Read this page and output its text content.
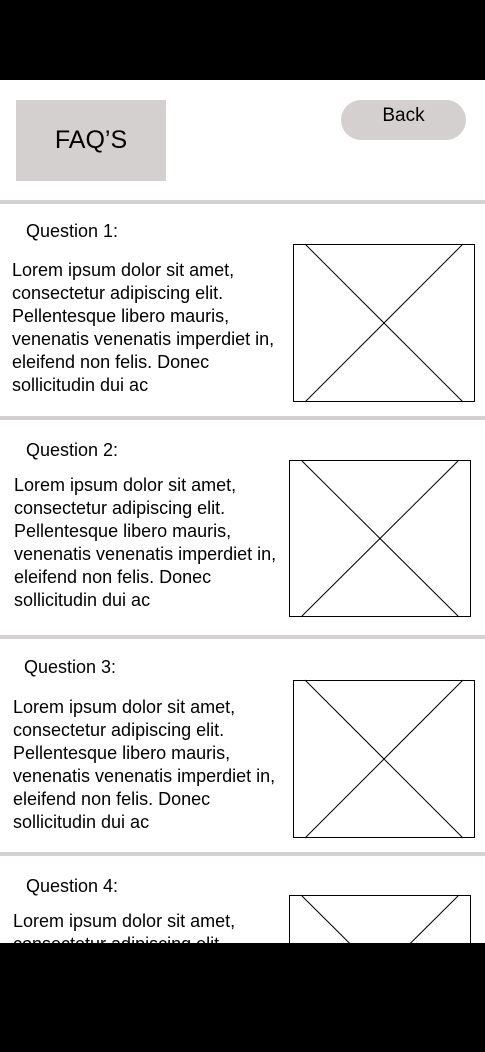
FAQ’S
Back
Question 1:
Lorem ipsum dolor sit amet, consectetur adipiscing elit. Pellentesque libero mauris, venenatis venenatis imperdiet in, eleifend non felis. Donec sollicitudin dui ac
Question 2:
Lorem ipsum dolor sit amet, consectetur adipiscing elit. Pellentesque libero mauris, venenatis venenatis imperdiet in, eleifend non felis. Donec sollicitudin dui ac
Question 3:
Lorem ipsum dolor sit amet, consectetur adipiscing elit. Pellentesque libero mauris, venenatis venenatis imperdiet in, eleifend non felis. Donec sollicitudin dui ac
Question 4:
Lorem ipsum dolor sit amet, sollicitudin dui ac
